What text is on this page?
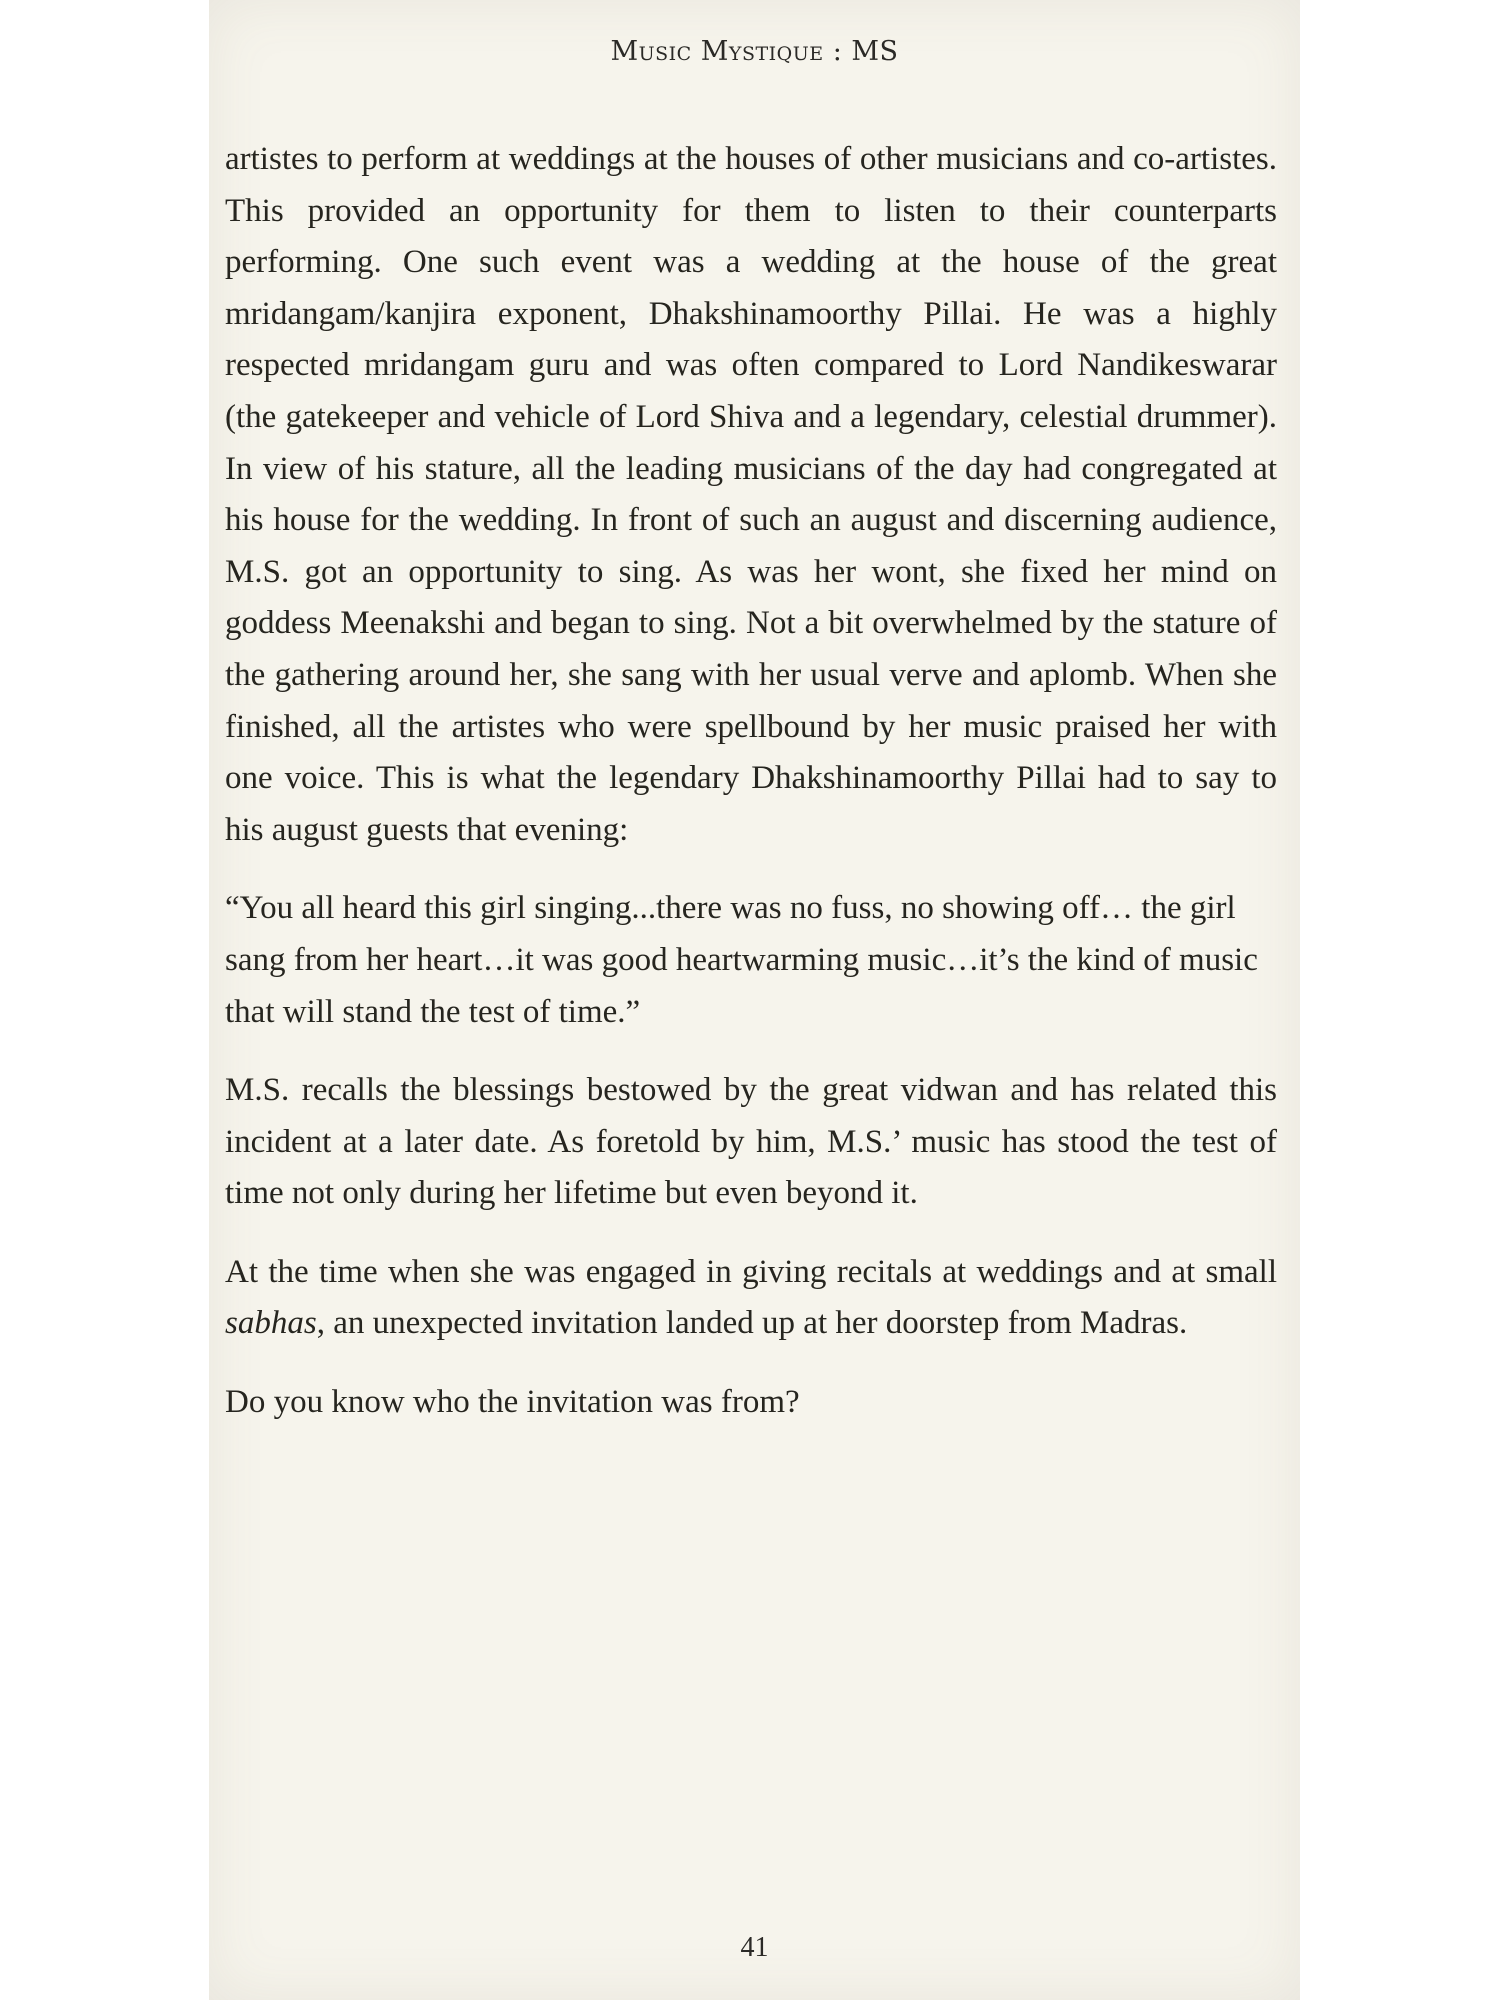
Music Mystique : MS

artistes to perform at weddings at the houses of other musicians and co-artistes. This provided an opportunity for them to listen to their counterparts performing. One such event was a wedding at the house of the great mridangam/kanjira exponent, Dhakshinamoorthy Pillai. He was a highly respected mridangam guru and was often compared to Lord Nandikeswarar (the gatekeeper and vehicle of Lord Shiva and a legendary, celestial drummer). In view of his stature, all the leading musicians of the day had congregated at his house for the wedding. In front of such an august and discerning audience, M.S. got an opportunity to sing. As was her wont, she fixed her mind on goddess Meenakshi and began to sing. Not a bit overwhelmed by the stature of the gathering around her, she sang with her usual verve and aplomb. When she finished, all the artistes who were spellbound by her music praised her with one voice. This is what the legendary Dhakshinamoorthy Pillai had to say to his august guests that evening:

“You all heard this girl singing...there was no fuss, no showing off… the girl sang from her heart…it was good heartwarming music…it’s the kind of music that will stand the test of time.”

M.S. recalls the blessings bestowed by the great vidwan and has related this incident at a later date. As foretold by him, M.S.’ music has stood the test of time not only during her lifetime but even beyond it.

At the time when she was engaged in giving recitals at weddings and at small sabhas, an unexpected invitation landed up at her doorstep from Madras.

Do you know who the invitation was from?

41
